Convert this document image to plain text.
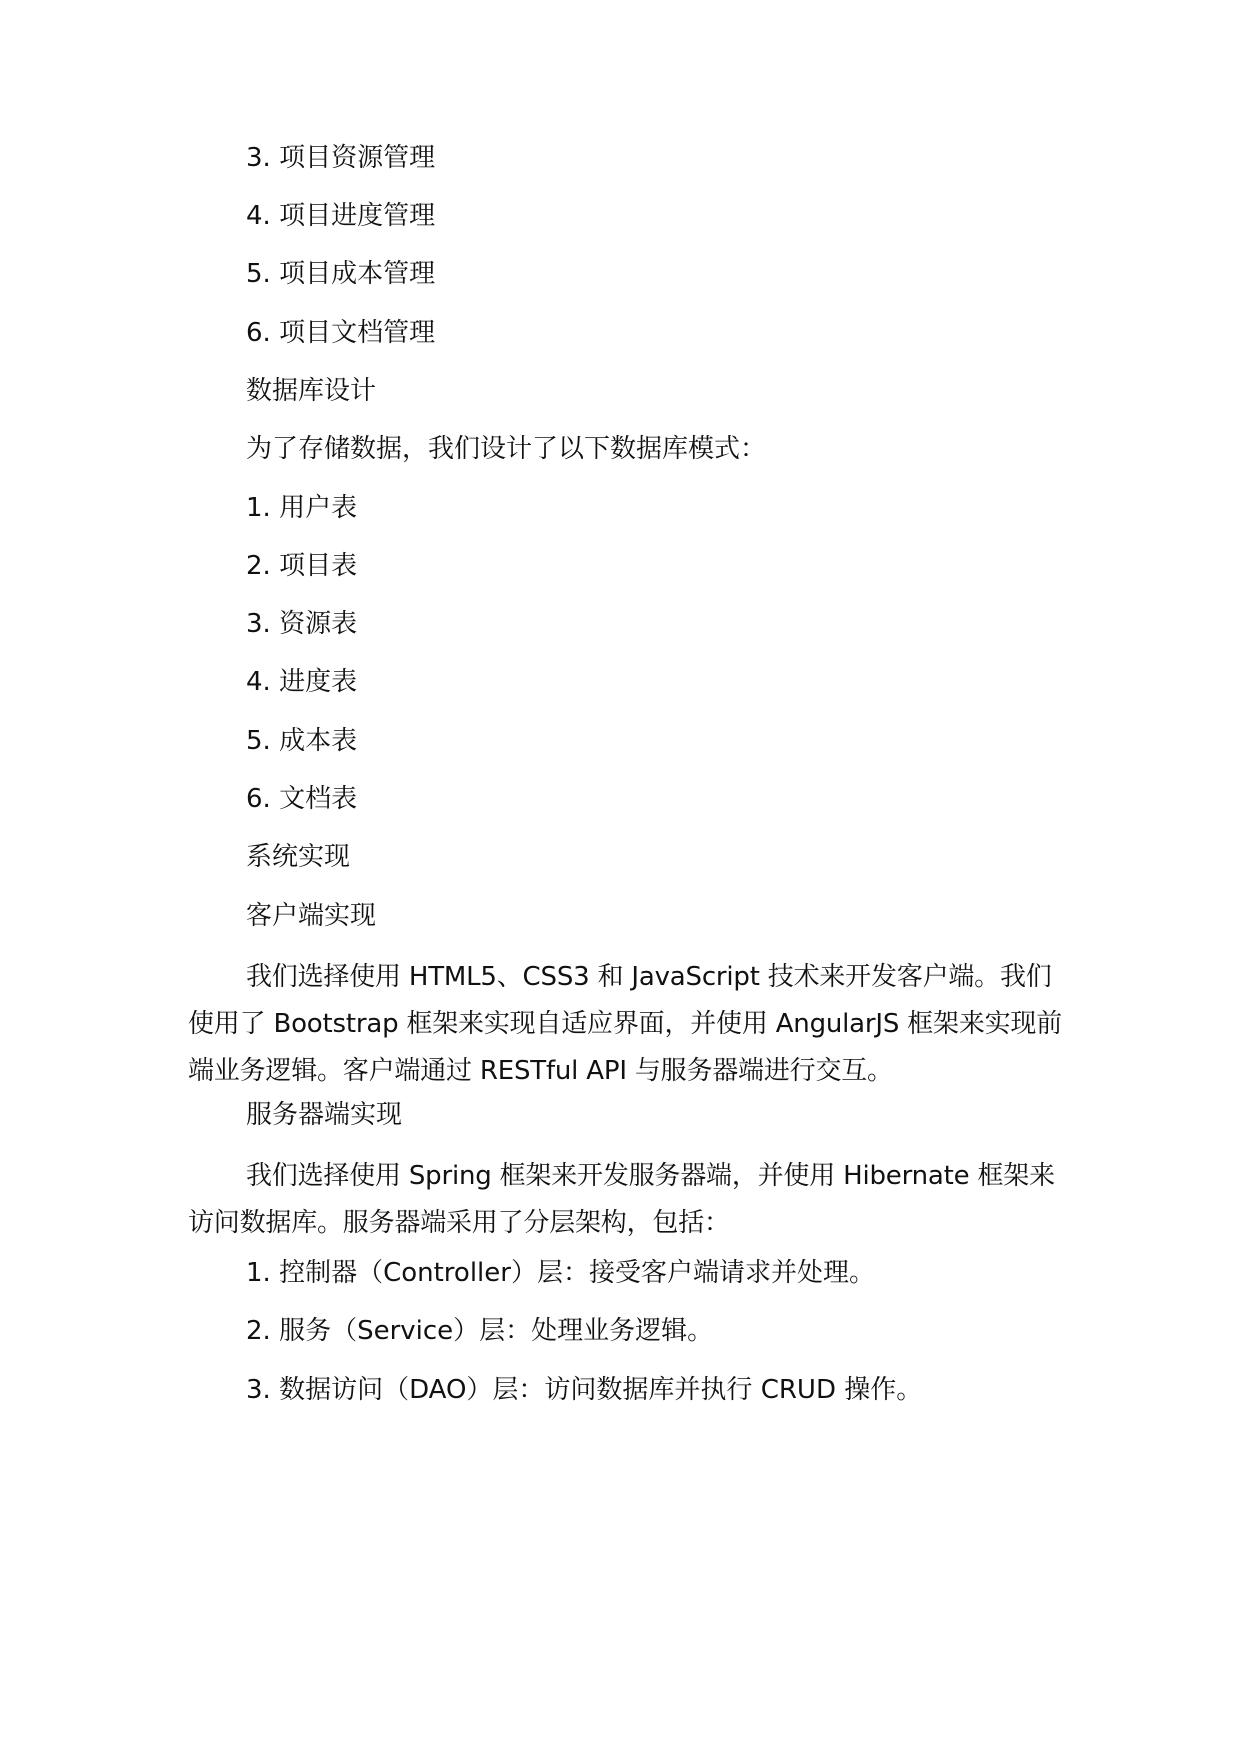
3. 项目资源管理
4. 项目进度管理
5. 项目成本管理
6. 项目文档管理
数据库设计
为了存储数据，我们设计了以下数据库模式：
1. 用户表
2. 项目表
3. 资源表
4. 进度表
5. 成本表
6. 文档表
系统实现
客户端实现
我们选择使用 HTML5、CSS3 和 JavaScript 技术来开发客户端。我们使用了 Bootstrap 框架来实现自适应界面，并使用 AngularJS 框架来实现前端业务逻辑。客户端通过 RESTful API 与服务器端进行交互。
服务器端实现
我们选择使用 Spring 框架来开发服务器端，并使用 Hibernate 框架来访问数据库。服务器端采用了分层架构，包括：
1. 控制器（Controller）层：接受客户端请求并处理。
2. 服务（Service）层：处理业务逻辑。
3. 数据访问（DAO）层：访问数据库并执行 CRUD 操作。
